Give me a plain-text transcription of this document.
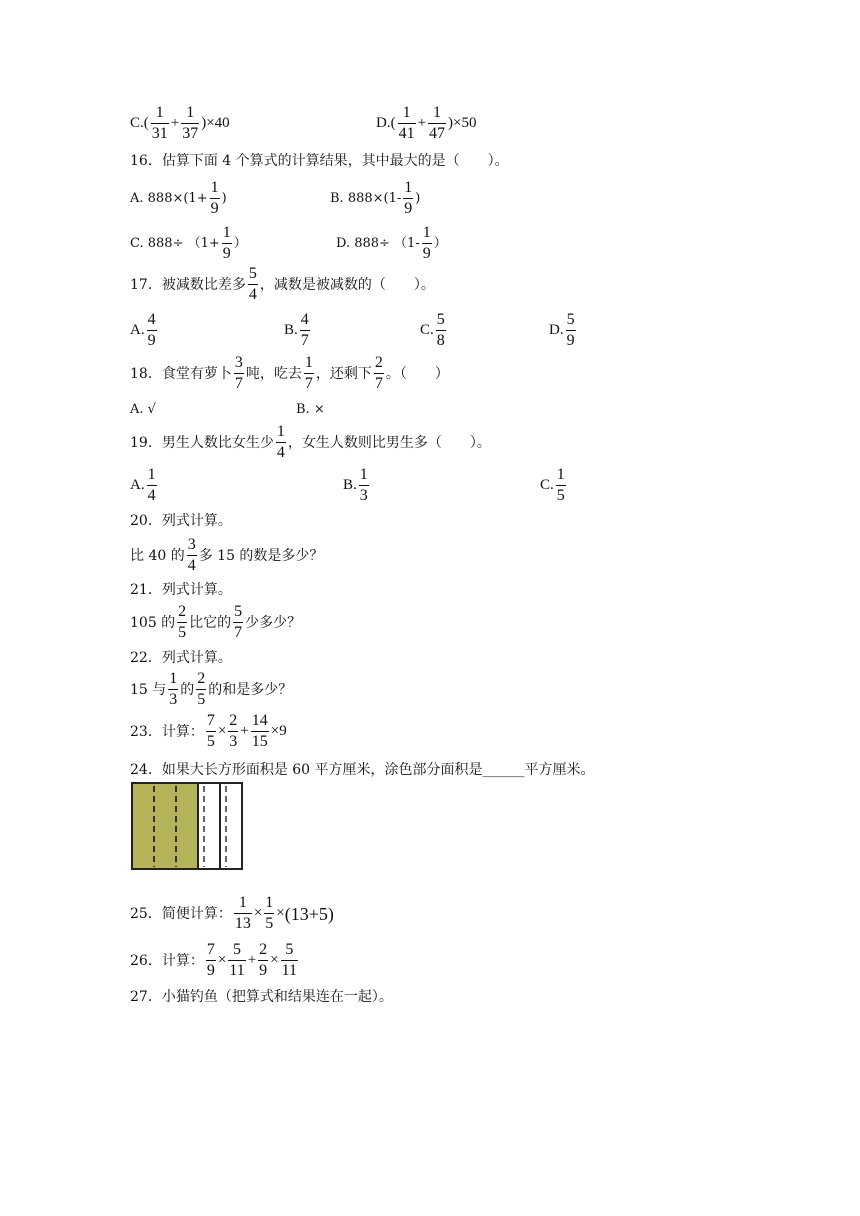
$C.( \frac{1}{31} + \frac{1}{37} )\times 40$	$D.( \frac{1}{41} + \frac{1}{47} )\times 50$
16．估算下面 4 个算式的计算结果，其中最大的是（　　）。
A. $888\times(1+ \frac{1}{9}$ )	B. $888\times(1- \frac{1}{9}$ )
C. $888\div (1+ \frac{1}{9}$ ）	D. $888\div (1- \frac{1}{9}$ ）
17．被减数比差多 $\frac{5}{4}$ ，减数是被减数的（　　）。
A. $\frac{4}{9}$	B. $\frac{4}{7}$	C. $\frac{5}{8}$	D. $\frac{5}{9}$
18．食堂有萝卜 $\frac{3}{7}$ 吨，吃去 $\frac{1}{7}$ ，还剩下 $\frac{2}{7}$ 。（　　）
A. √	B. ×
19．男生人数比女生少 $\frac{1}{4}$ ，女生人数则比男生多（　　）。
A. $\frac{1}{4}$	B. $\frac{1}{3}$	C. $\frac{1}{5}$
20．列式计算。
比 40 的 $\frac{3}{4}$ 多 15 的数是多少？
21．列式计算。
105 的 $\frac{2}{5}$ 比它的 $\frac{5}{7}$ 少多少？
22．列式计算。
15 与 $\frac{1}{3}$ 的 $\frac{2}{5}$ 的和是多少？
23．计算： $\frac{7}{5} \times \frac{2}{3} + \frac{14}{15} \times 9$
24．如果大长方形面积是 60 平方厘米，涂色部分面积是______平方厘米。
25．简便计算： $\frac{1}{13} \times \frac{1}{5} \times (13+5)$
26．计算： $\frac{7}{9} \times \frac{5}{11} + \frac{2}{9} \times \frac{5}{11}$
27．小猫钓鱼（把算式和结果连在一起）。
